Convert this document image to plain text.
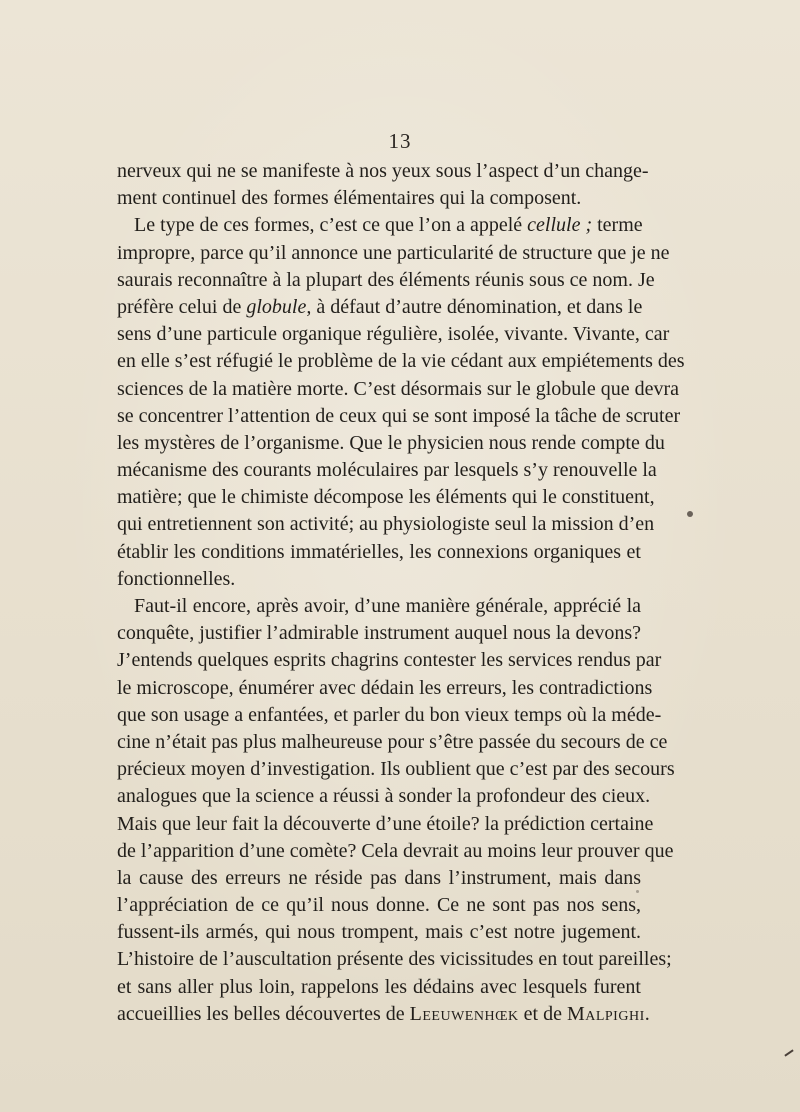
13
nerveux qui ne se manifeste à nos yeux sous l’aspect d’un change-
ment continuel des formes élémentaires qui la composent.
Le type de ces formes, c’est ce que l’on a appelé cellule ; terme
impropre, parce qu’il annonce une particularité de structure que je ne
saurais reconnaître à la plupart des éléments réunis sous ce nom. Je
préfère celui de globule, à défaut d’autre dénomination, et dans le
sens d’une particule organique régulière, isolée, vivante. Vivante, car
en elle s’est réfugié le problème de la vie cédant aux empiétements des
sciences de la matière morte. C’est désormais sur le globule que devra
se concentrer l’attention de ceux qui se sont imposé la tâche de scruter
les mystères de l’organisme. Que le physicien nous rende compte du
mécanisme des courants moléculaires par lesquels s’y renouvelle la
matière; que le chimiste décompose les éléments qui le constituent,
qui entretiennent son activité; au physiologiste seul la mission d’en
établir les conditions immatérielles, les connexions organiques et
fonctionnelles.
Faut-il encore, après avoir, d’une manière générale, apprécié la
conquête, justifier l’admirable instrument auquel nous la devons?
J’entends quelques esprits chagrins contester les services rendus par
le microscope, énumérer avec dédain les erreurs, les contradictions
que son usage a enfantées, et parler du bon vieux temps où la méde-
cine n’était pas plus malheureuse pour s’être passée du secours de ce
précieux moyen d’investigation. Ils oublient que c’est par des secours
analogues que la science a réussi à sonder la profondeur des cieux.
Mais que leur fait la découverte d’une étoile? la prédiction certaine
de l’apparition d’une comète? Cela devrait au moins leur prouver que
la cause des erreurs ne réside pas dans l’instrument, mais dans
l’appréciation de ce qu’il nous donne. Ce ne sont pas nos sens,
fussent-ils armés, qui nous trompent, mais c’est notre jugement.
L’histoire de l’auscultation présente des vicissitudes en tout pareilles;
et sans aller plus loin, rappelons les dédains avec lesquels furent
accueillies les belles découvertes de Leeuwenhœk et de Malpighi.
